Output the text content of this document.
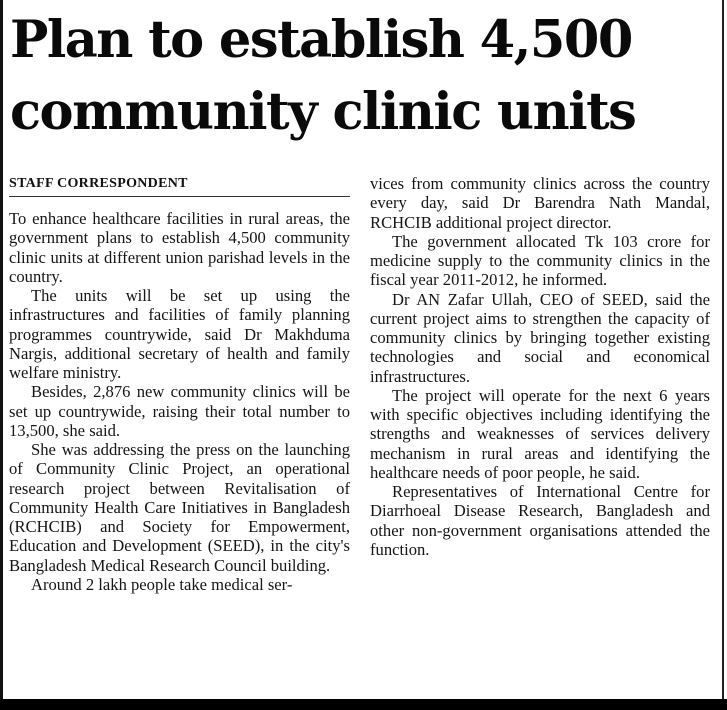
Plan to establish 4,500
community clinic units
STAFF CORRESPONDENT

To enhance healthcare facilities in rural areas, the government plans to establish 4,500 community clinic units at different union parishad levels in the country.

The units will be set up using the infrastructures and facilities of family planning programmes countrywide, said Dr Makhduma Nargis, additional secretary of health and family welfare ministry.

Besides, 2,876 new community clinics will be set up countrywide, raising their total number to 13,500, she said.

She was addressing the press on the launching of Community Clinic Project, an operational research project between Revitalisation of Community Health Care Initiatives in Bangladesh (RCHCIB) and Society for Empowerment, Education and Development (SEED), in the city's Bangladesh Medical Research Council building.

Around 2 lakh people take medical ser-

vices from community clinics across the country every day, said Dr Barendra Nath Mandal, RCHCIB additional project director.

The government allocated Tk 103 crore for medicine supply to the community clinics in the fiscal year 2011-2012, he informed.

Dr AN Zafar Ullah, CEO of SEED, said the current project aims to strengthen the capacity of community clinics by bringing together existing technologies and social and economical infrastructures.

The project will operate for the next 6 years with specific objectives including identifying the strengths and weaknesses of services delivery mechanism in rural areas and identifying the healthcare needs of poor people, he said.

Representatives of International Centre for Diarrhoeal Disease Research, Bangladesh and other non-government organisations attended the function.
